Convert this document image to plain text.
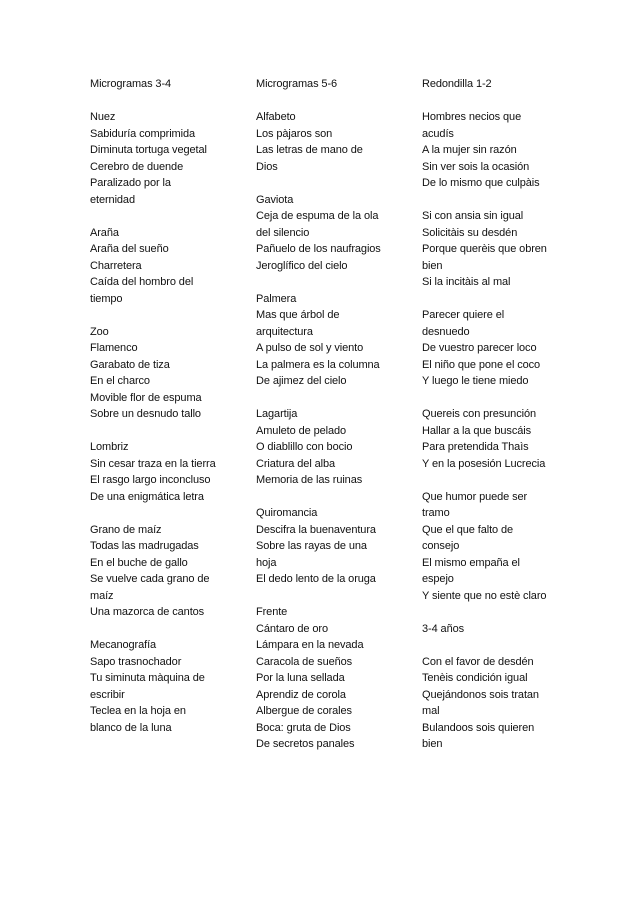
Microgramas 3-4
Nuez
Sabiduría comprimida
Diminuta tortuga vegetal
Cerebro de duende
Paralizado por la
eternidad
Araña
Araña del sueño
Charretera
Caída del hombro del
tiempo
Zoo
Flamenco
Garabato de tiza
En el charco
Movible flor de espuma
Sobre un desnudo tallo
Lombriz
Sin cesar traza en la tierra
El rasgo largo inconcluso
De una enigmática letra
Grano de maíz
Todas las madrugadas
En el buche de gallo
Se vuelve cada grano de
maíz
Una mazorca de cantos
Mecanografía
Sapo trasnochador
Tu siminuta màquina de
escribir
Teclea en la hoja en
blanco de la luna
Microgramas 5-6
Alfabeto
Los pàjaros son
Las letras de mano de
Dios
Gaviota
Ceja de espuma de la ola
del silencio
Pañuelo de los naufragios
Jeroglífico del cielo
Palmera
Mas que árbol de
arquitectura
A pulso de sol y viento
La palmera es la columna
De ajimez del cielo
Lagartija
Amuleto de pelado
O diablillo con bocio
Criatura del alba
Memoria de las ruinas
Quiromancia
Descifra la buenaventura
Sobre las rayas de una
hoja
El dedo lento de la oruga
Frente
Cántaro de oro
Lámpara en la nevada
Caracola de sueños
Por la luna sellada
Aprendiz de corola
Albergue de corales
Boca: gruta de Dios
De secretos panales
Redondilla 1-2
Hombres necios que
acudís
A la mujer sin razón
Sin ver sois la ocasión
De lo mismo que culpàis
Si con ansia sin igual
Solicitàis su desdén
Porque querèis que obren
bien
Si la incitàis al mal
Parecer quiere el
desnuedo
De vuestro parecer loco
El niño que pone el coco
Y luego le tiene miedo
Quereis con presunción
Hallar a la que buscáis
Para pretendida Thaìs
Y en la posesión Lucrecia
Que humor puede ser
tramo
Que el que falto de
consejo
El mismo empaña el
espejo
Y siente que no estè claro
3-4 años
Con el favor de desdén
Tenèis condición igual
Quejándonos sois tratan
mal
Bulandoos sois quieren
bien
